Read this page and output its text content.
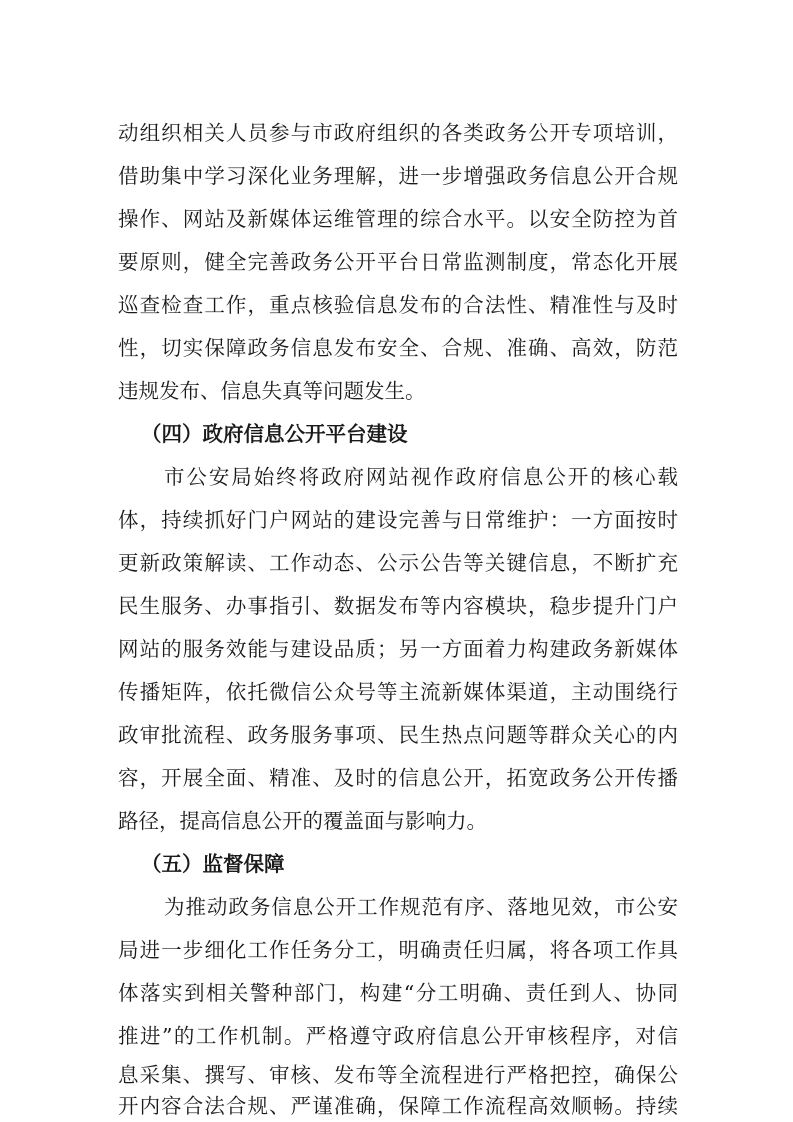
动组织相关人员参与市政府组织的各类政务公开专项培训，
借助集中学习深化业务理解，进一步增强政务信息公开合规
操作、网站及新媒体运维管理的综合水平。以安全防控为首
要原则，健全完善政务公开平台日常监测制度，常态化开展
巡查检查工作，重点核验信息发布的合法性、精准性与及时
性，切实保障政务信息发布安全、合规、准确、高效，防范
违规发布、信息失真等问题发生。
（四）政府信息公开平台建设
市公安局始终将政府网站视作政府信息公开的核心载
体，持续抓好门户网站的建设完善与日常维护：一方面按时
更新政策解读、工作动态、公示公告等关键信息，不断扩充
民生服务、办事指引、数据发布等内容模块，稳步提升门户
网站的服务效能与建设品质；另一方面着力构建政务新媒体
传播矩阵，依托微信公众号等主流新媒体渠道，主动围绕行
政审批流程、政务服务事项、民生热点问题等群众关心的内
容，开展全面、精准、及时的信息公开，拓宽政务公开传播
路径，提高信息公开的覆盖面与影响力。
（五）监督保障
为推动政务信息公开工作规范有序、落地见效，市公安
局进一步细化工作任务分工，明确责任归属，将各项工作具
体落实到相关警种部门，构建“分工明确、责任到人、协同
推进”的工作机制。严格遵守政府信息公开审核程序，对信
息采集、撰写、审核、发布等全流程进行严格把控，确保公
开内容合法合规、严谨准确，保障工作流程高效顺畅。持续
